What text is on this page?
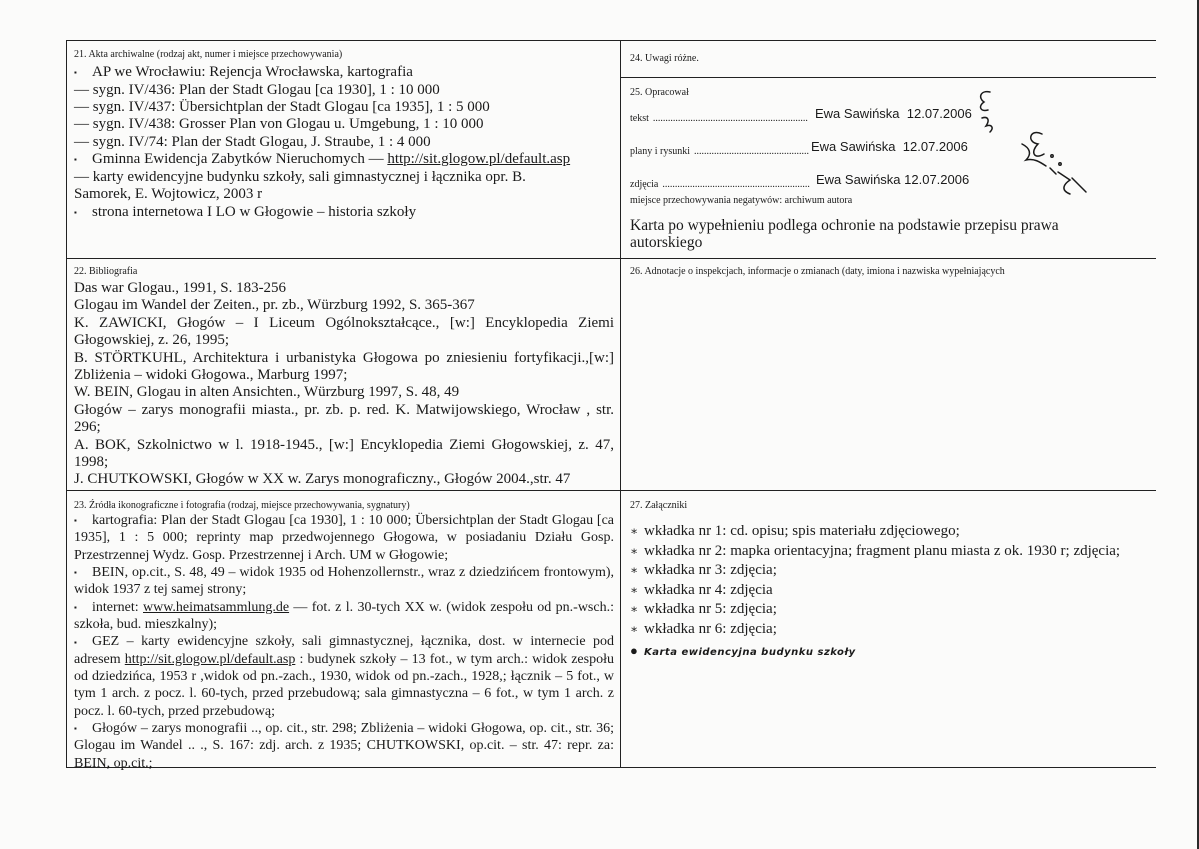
21. Akta archiwalne (rodzaj akt, numer i miejsce przechowywania)
▪ AP we Wrocławiu: Rejencja Wrocławska, kartografia
— sygn. IV/436: Plan der Stadt Glogau [ca 1930], 1 : 10 000
— sygn. IV/437: Übersichtplan der Stadt Glogau [ca 1935], 1 : 5 000
— sygn. IV/438: Grosser Plan von Glogau u. Umgebung, 1 : 10 000
— sygn. IV/74: Plan der Stadt Glogau, J. Straube, 1 : 4 000
▪ Gminna Ewidencja Zabytków Nieruchomych — http://sit.glogow.pl/default.asp
— karty ewidencyjne budynku szkoły, sali gimnastycznej i łącznika opr. B.
Samorek, E. Wojtowicz, 2003 r
▪ strona internetowa I LO w Głogowie – historia szkoły
22. Bibliografia
Das war Glogau., 1991, S. 183-256
Glogau im Wandel der Zeiten., pr. zb., Würzburg 1992, S. 365-367
K. ZAWICKI, Głogów – I Liceum Ogólnokształcące., [w:] Encyklopedia Ziemi Głogowskiej, z. 26, 1995;
B. STÖRTKUHL, Architektura i urbanistyka Głogowa po zniesieniu fortyfikacji.,[w:] Zbliżenia – widoki Głogowa., Marburg 1997;
W. BEIN, Glogau in alten Ansichten., Würzburg 1997, S. 48, 49
Głogów – zarys monografii miasta., pr. zb. p. red. K. Matwijowskiego, Wrocław , str. 296;
A. BOK, Szkolnictwo w l. 1918-1945., [w:] Encyklopedia Ziemi Głogowskiej, z. 47, 1998;
J. CHUTKOWSKI, Głogów w XX w. Zarys monograficzny., Głogów 2004.,str. 47
23. Źródła ikonograficzne i fotografia (rodzaj, miejsce przechowywania, sygnatury)
▪ kartografia: Plan der Stadt Glogau [ca 1930], 1 : 10 000; Übersichtplan der Stadt Glogau [ca 1935], 1 : 5 000; reprinty map przedwojennego Głogowa, w posiadaniu Działu Gosp. Przestrzennej Wydz. Gosp. Przestrzennej i Arch. UM w Głogowie;
▪ BEIN, op.cit., S. 48, 49 – widok 1935 od Hohenzollernstr., wraz z dziedzińcem frontowym), widok 1937 z tej samej strony;
▪ internet: www.heimatsammlung.de — fot. z l. 30-tych XX w. (widok zespołu od pn.-wsch.: szkoła, bud. mieszkalny);
▪ GEZ – karty ewidencyjne szkoły, sali gimnastycznej, łącznika, dost. w internecie pod adresem http://sit.glogow.pl/default.asp : budynek szkoły – 13 fot., w tym arch.: widok zespołu od dziedzińca, 1953 r ,widok od pn.-zach., 1930, widok od pn.-zach., 1928,; łącznik – 5 fot., w tym 1 arch. z pocz. l. 60-tych, przed przebudową; sala gimnastyczna – 6 fot., w tym 1 arch. z pocz. l. 60-tych, przed przebudową;
▪ Głogów – zarys monografii .., op. cit., str. 298; Zbliżenia – widoki Głogowa, op. cit., str. 36; Glogau im Wandel .. ., S. 167: zdj. arch. z 1935; CHUTKOWSKI, op.cit. – str. 47: repr. za: BEIN, op.cit.;
24. Uwagi różne.
25. Opracował
tekst .............................................................. Ewa Sawińska  12.07.2006
plany i rysunki .............................................. Ewa Sawińska  12.07.2006
zdjęcia ........................................................... Ewa Sawińska 12.07.2006
miejsce przechowywania negatywów: archiwum autora
Karta po wypełnieniu podlega ochronie na podstawie przepisu prawa autorskiego
26. Adnotacje o inspekcjach, informacje o zmianach (daty, imiona i nazwiska wypełniających
27. Załączniki
∗ wkładka nr 1: cd. opisu; spis materiału zdjęciowego;
∗ wkładka nr 2: mapka orientacyjna; fragment planu miasta z ok. 1930 r; zdjęcia;
∗ wkładka nr 3: zdjęcia;
∗ wkładka nr 4: zdjęcia
∗ wkładka nr 5: zdjęcia;
∗ wkładka nr 6: zdjęcia;
● Karta ewidencyjna budynku szkoły
